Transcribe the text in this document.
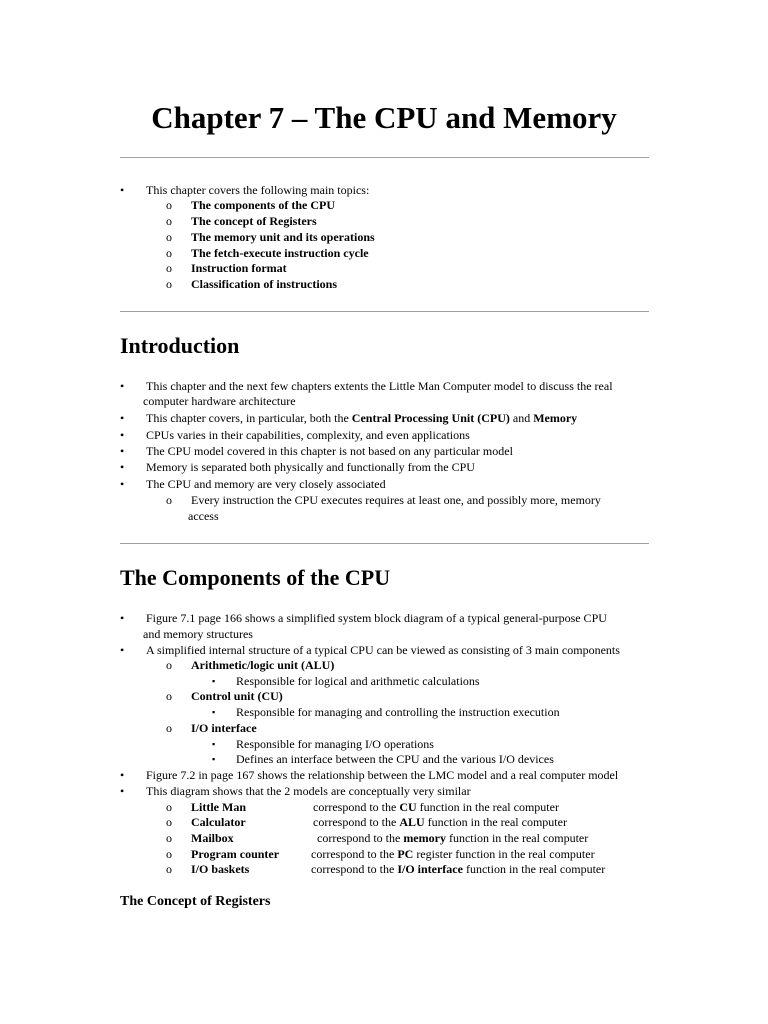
Chapter 7 – The CPU and Memory
• This chapter covers the following main topics:
o The components of the CPU
o The concept of Registers
o The memory unit and its operations
o The fetch-execute instruction cycle
o Instruction format
o Classification of instructions
Introduction
• This chapter and the next few chapters extents the Little Man Computer model to discuss the real
computer hardware architecture
• This chapter covers, in particular, both the Central Processing Unit (CPU) and Memory
• CPUs varies in their capabilities, complexity, and even applications
• The CPU model covered in this chapter is not based on any particular model
• Memory is separated both physically and functionally from the CPU
• The CPU and memory are very closely associated
o Every instruction the CPU executes requires at least one, and possibly more, memory
access
The Components of the CPU
• Figure 7.1 page 166 shows a simplified system block diagram of a typical general-purpose CPU
and memory structures
• A simplified internal structure of a typical CPU can be viewed as consisting of 3 main components
o Arithmetic/logic unit (ALU)
▪ Responsible for logical and arithmetic calculations
o Control unit (CU)
▪ Responsible for managing and controlling the instruction execution
o I/O interface
▪ Responsible for managing I/O operations
▪ Defines an interface between the CPU and the various I/O devices
• Figure 7.2 in page 167 shows the relationship between the LMC model and a real computer model
• This diagram shows that the 2 models are conceptually very similar
o Little Man	correspond to the CU function in the real computer
o Calculator	correspond to the ALU function in the real computer
o Mailbox	correspond to the memory function in the real computer
o Program counter	correspond to the PC register function in the real computer
o I/O baskets	correspond to the I/O interface function in the real computer
The Concept of Registers
